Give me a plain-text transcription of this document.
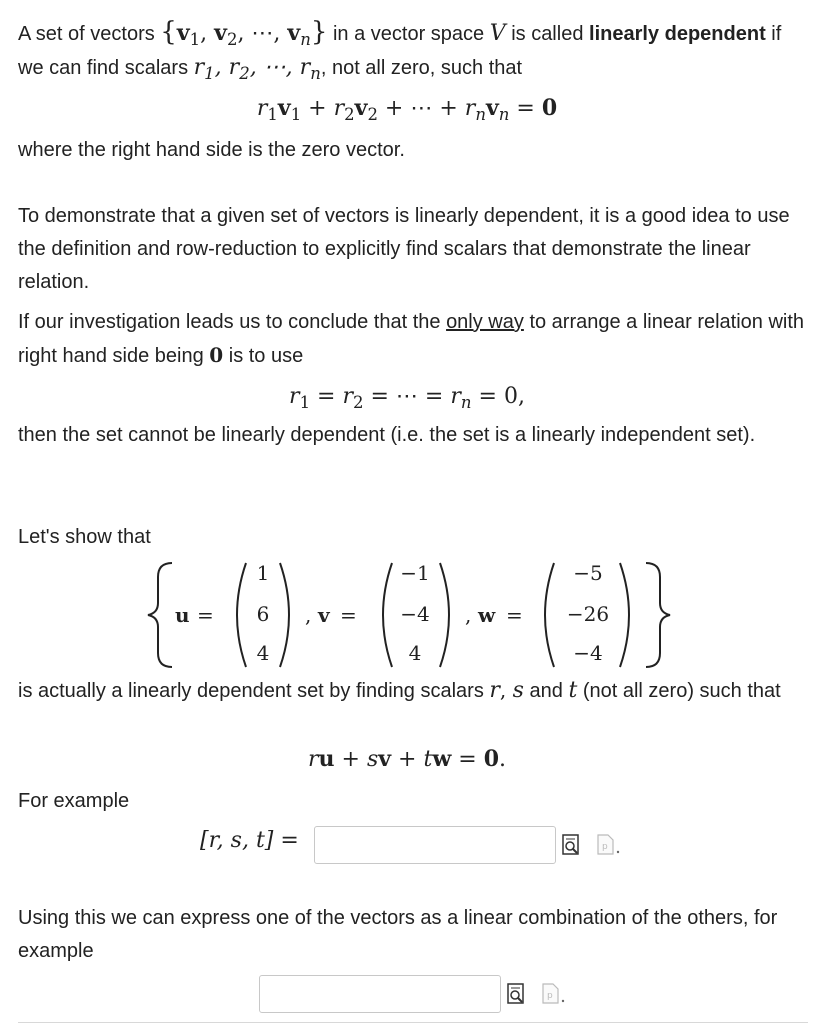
A set of vectors {$v_1$, $v_2$, ⋯, $v_n$} in a vector space V is called linearly dependent if we can find scalars $r_1$, $r_2$, ⋯, $r_n$, not all zero, such that

$r_1v_1 + r_2v_2$ + ⋯ + $r_nv_n = 0$

where the right hand side is the zero vector.

To demonstrate that a given set of vectors is linearly dependent, it is a good idea to use the definition and row-reduction to explicitly find scalars that demonstrate the linear relation.

If our investigation leads us to conclude that the only way to arrange a linear relation with right hand side being 0 is to use

$r_1 = r_2$ = ⋯ = $r_n = 0$,

then the set cannot be linearly dependent (i.e. the set is a linearly independent set).

Let's show that

u =
1
6
4
, v =
−1
−4
4
, w =
−5
−26
−4

is actually a linearly dependent set by finding scalars r, s and t (not all zero) such that

ru + sv + tw = 0.

For example

[r, s, t] =	p

Using this we can express one of the vectors as a linear combination of the others, for example

p
